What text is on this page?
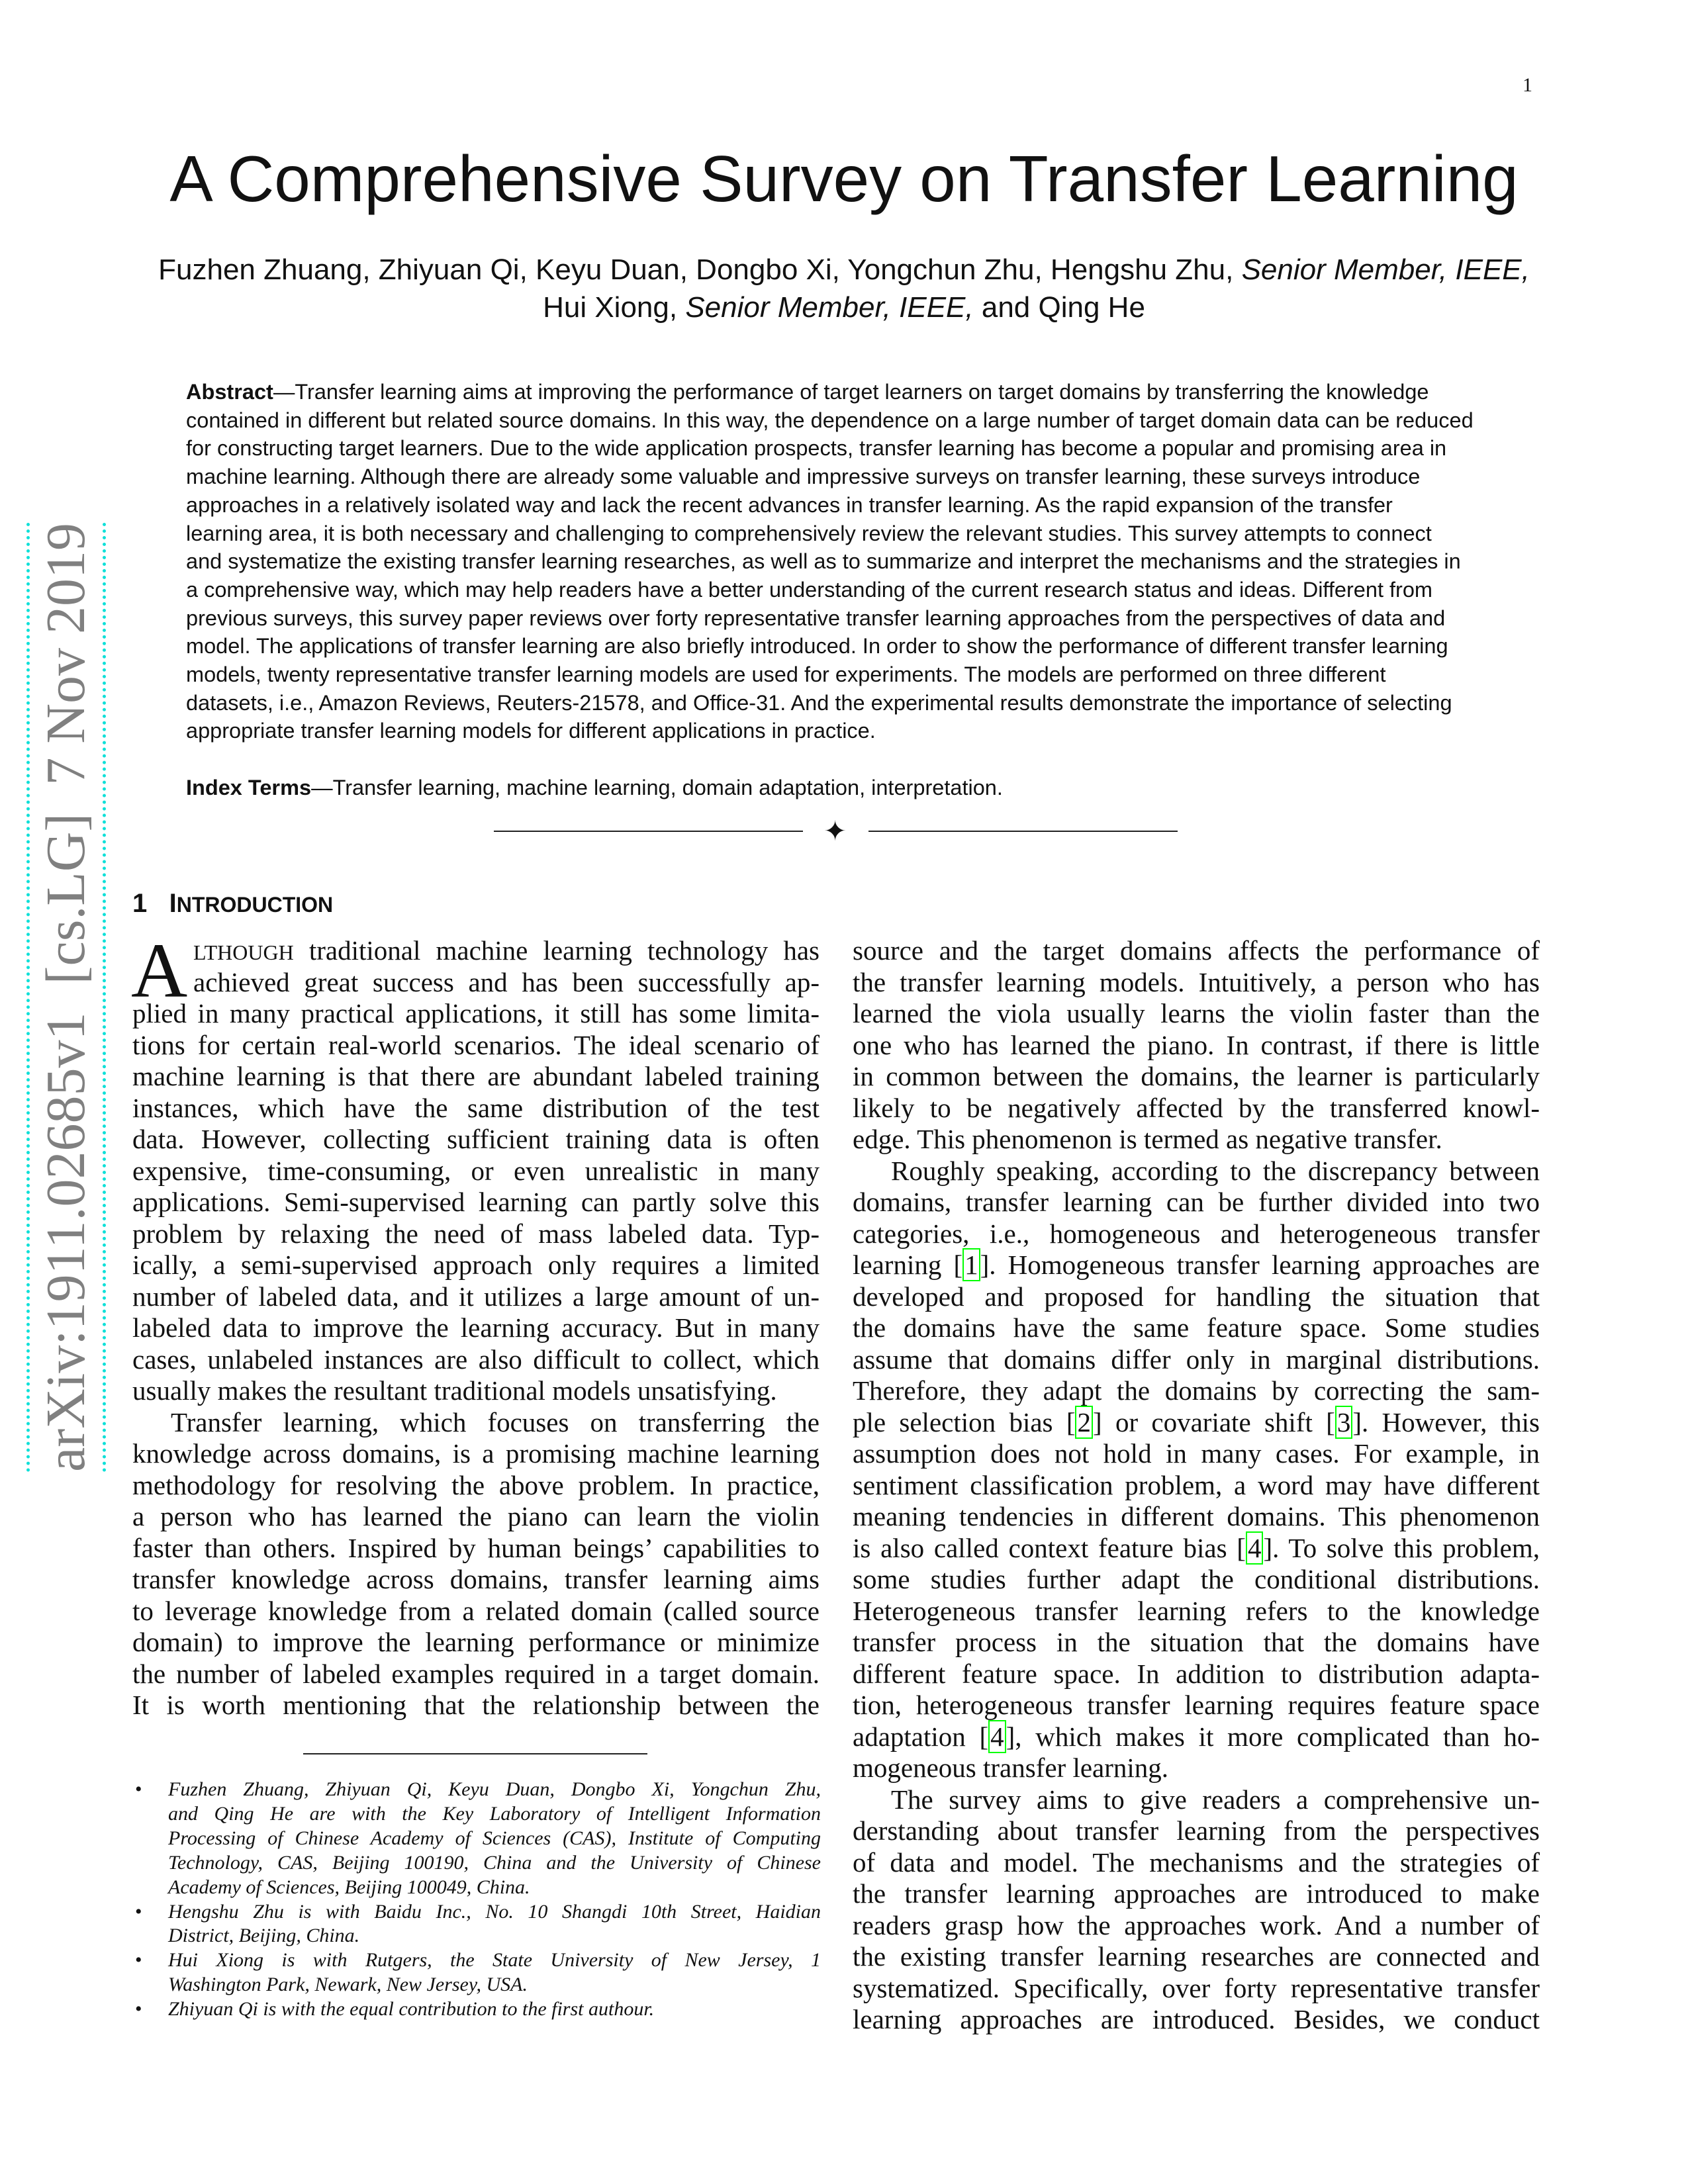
1
A Comprehensive Survey on Transfer Learning
Fuzhen Zhuang, Zhiyuan Qi, Keyu Duan, Dongbo Xi, Yongchun Zhu, Hengshu Zhu, Senior Member, IEEE,
Hui Xiong, Senior Member, IEEE, and Qing He
arXiv:1911.02685v1  [cs.LG]  7 Nov 2019
Abstract—Transfer learning aims at improving the performance of target learners on target domains by transferring the knowledge
contained in different but related source domains. In this way, the dependence on a large number of target domain data can be reduced
for constructing target learners. Due to the wide application prospects, transfer learning has become a popular and promising area in
machine learning. Although there are already some valuable and impressive surveys on transfer learning, these surveys introduce
approaches in a relatively isolated way and lack the recent advances in transfer learning. As the rapid expansion of the transfer
learning area, it is both necessary and challenging to comprehensively review the relevant studies. This survey attempts to connect
and systematize the existing transfer learning researches, as well as to summarize and interpret the mechanisms and the strategies in
a comprehensive way, which may help readers have a better understanding of the current research status and ideas. Different from
previous surveys, this survey paper reviews over forty representative transfer learning approaches from the perspectives of data and
model. The applications of transfer learning are also briefly introduced. In order to show the performance of different transfer learning
models, twenty representative transfer learning models are used for experiments. The models are performed on three different
datasets, i.e., Amazon Reviews, Reuters-21578, and Office-31. And the experimental results demonstrate the importance of selecting
appropriate transfer learning models for different applications in practice.
Index Terms—Transfer learning, machine learning, domain adaptation, interpretation.
✦
1 INTRODUCTION
A LTHOUGH traditional machine learning technology has
achieved great success and has been successfully ap-
plied in many practical applications, it still has some limita-
tions for certain real-world scenarios. The ideal scenario of
machine learning is that there are abundant labeled training
instances, which have the same distribution of the test
data. However, collecting sufficient training data is often
expensive, time-consuming, or even unrealistic in many
applications. Semi-supervised learning can partly solve this
problem by relaxing the need of mass labeled data. Typ-
ically, a semi-supervised approach only requires a limited
number of labeled data, and it utilizes a large amount of un-
labeled data to improve the learning accuracy. But in many
cases, unlabeled instances are also difficult to collect, which
usually makes the resultant traditional models unsatisfying.
Transfer learning, which focuses on transferring the
knowledge across domains, is a promising machine learning
methodology for resolving the above problem. In practice,
a person who has learned the piano can learn the violin
faster than others. Inspired by human beings’ capabilities to
transfer knowledge across domains, transfer learning aims
to leverage knowledge from a related domain (called source
domain) to improve the learning performance or minimize
the number of labeled examples required in a target domain.
It is worth mentioning that the relationship between the
source and the target domains affects the performance of
the transfer learning models. Intuitively, a person who has
learned the viola usually learns the violin faster than the
one who has learned the piano. In contrast, if there is little
in common between the domains, the learner is particularly
likely to be negatively affected by the transferred knowl-
edge. This phenomenon is termed as negative transfer.
Roughly speaking, according to the discrepancy between
domains, transfer learning can be further divided into two
categories, i.e., homogeneous and heterogeneous transfer
learning [1]. Homogeneous transfer learning approaches are
developed and proposed for handling the situation that
the domains have the same feature space. Some studies
assume that domains differ only in marginal distributions.
Therefore, they adapt the domains by correcting the sam-
ple selection bias [2] or covariate shift [3]. However, this
assumption does not hold in many cases. For example, in
sentiment classification problem, a word may have different
meaning tendencies in different domains. This phenomenon
is also called context feature bias [4]. To solve this problem,
some studies further adapt the conditional distributions.
Heterogeneous transfer learning refers to the knowledge
transfer process in the situation that the domains have
different feature space. In addition to distribution adapta-
tion, heterogeneous transfer learning requires feature space
adaptation [4], which makes it more complicated than ho-
mogeneous transfer learning.
The survey aims to give readers a comprehensive un-
derstanding about transfer learning from the perspectives
of data and model. The mechanisms and the strategies of
the transfer learning approaches are introduced to make
readers grasp how the approaches work. And a number of
the existing transfer learning researches are connected and
systematized. Specifically, over forty representative transfer
learning approaches are introduced. Besides, we conduct
• Fuzhen Zhuang, Zhiyuan Qi, Keyu Duan, Dongbo Xi, Yongchun Zhu,
and Qing He are with the Key Laboratory of Intelligent Information
Processing of Chinese Academy of Sciences (CAS), Institute of Computing
Technology, CAS, Beijing 100190, China and the University of Chinese
Academy of Sciences, Beijing 100049, China.
• Hengshu Zhu is with Baidu Inc., No. 10 Shangdi 10th Street, Haidian
District, Beijing, China.
• Hui Xiong is with Rutgers, the State University of New Jersey, 1
Washington Park, Newark, New Jersey, USA.
• Zhiyuan Qi is with the equal contribution to the first authour.
